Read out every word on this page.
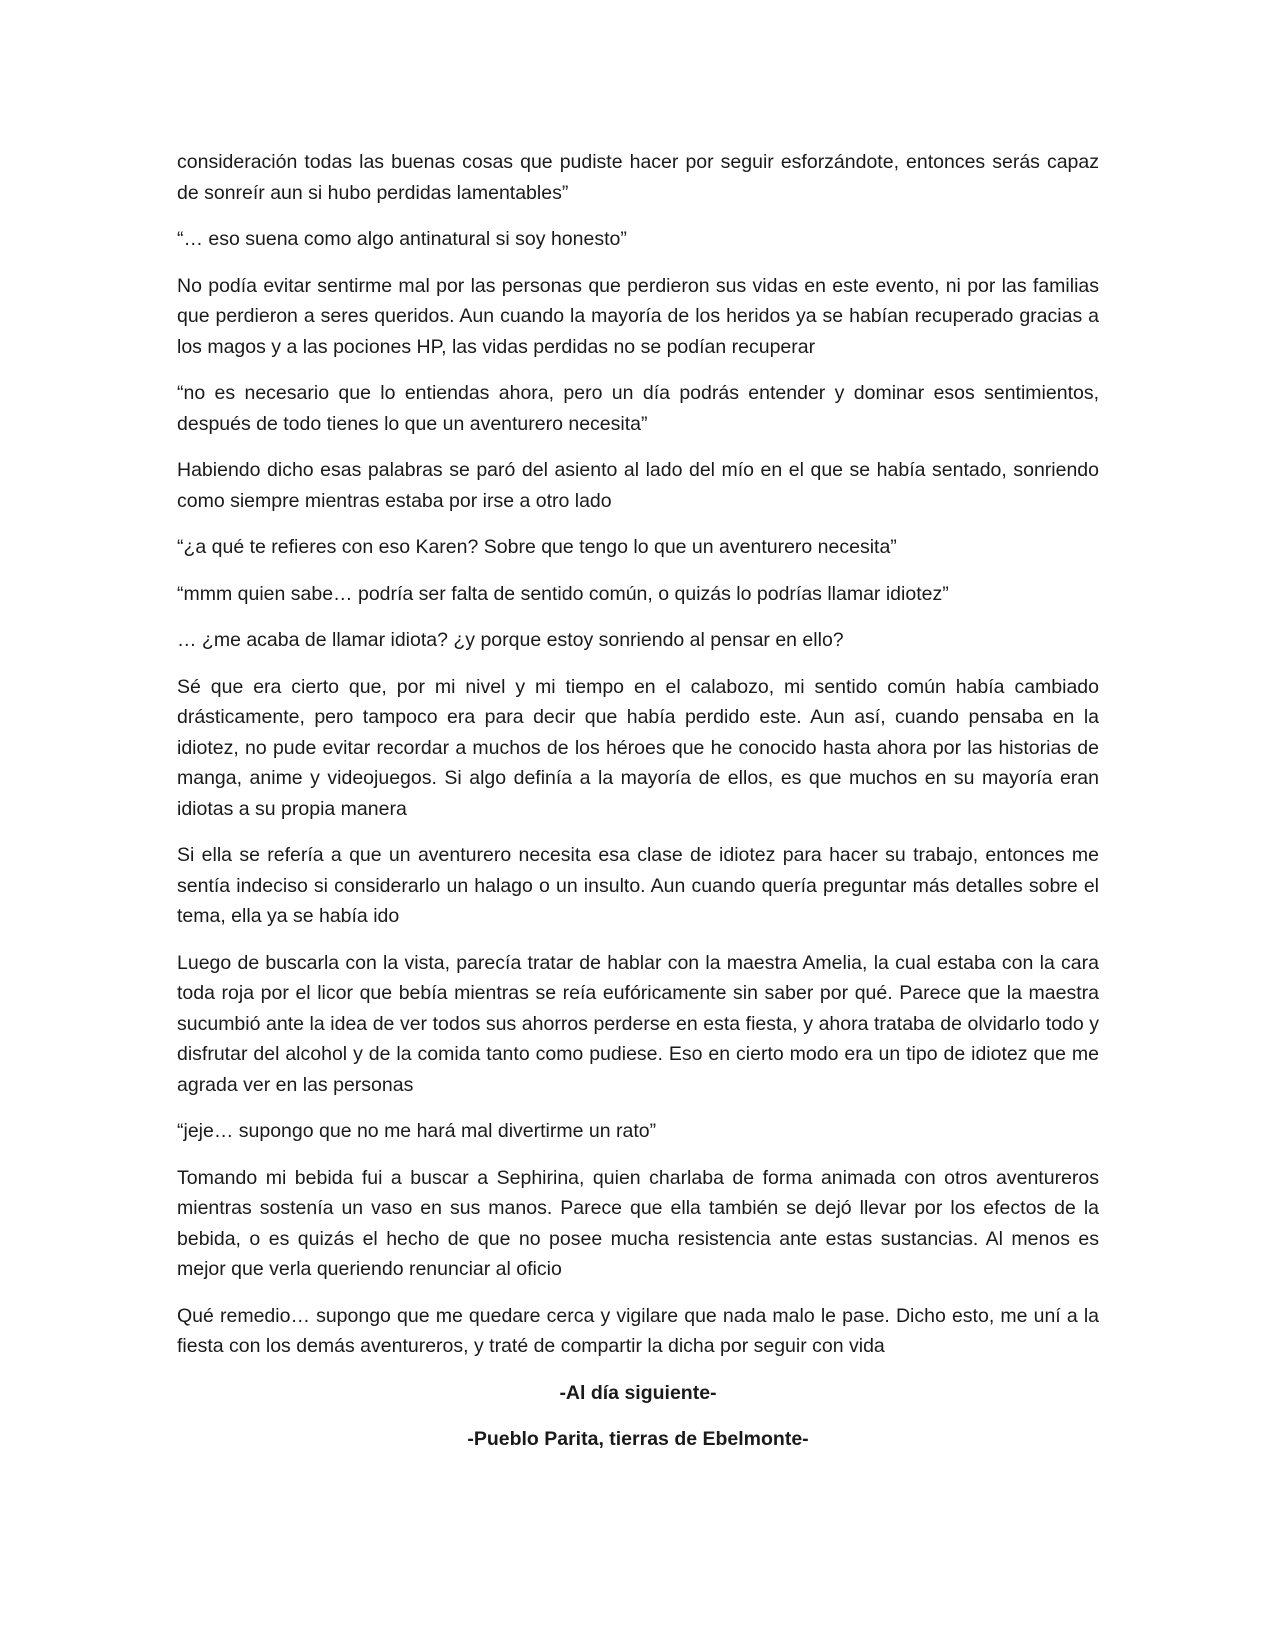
consideración todas las buenas cosas que pudiste hacer por seguir esforzándote, entonces serás capaz de sonreír aun si hubo perdidas lamentables”

“… eso suena como algo antinatural si soy honesto”

No podía evitar sentirme mal por las personas que perdieron sus vidas en este evento, ni por las familias que perdieron a seres queridos. Aun cuando la mayoría de los heridos ya se habían recuperado gracias a los magos y a las pociones HP, las vidas perdidas no se podían recuperar

“no es necesario que lo entiendas ahora, pero un día podrás entender y dominar esos sentimientos, después de todo tienes lo que un aventurero necesita”

Habiendo dicho esas palabras se paró del asiento al lado del mío en el que se había sentado, sonriendo como siempre mientras estaba por irse a otro lado

“¿a qué te refieres con eso Karen? Sobre que tengo lo que un aventurero necesita”

“mmm quien sabe… podría ser falta de sentido común, o quizás lo podrías llamar idiotez”

… ¿me acaba de llamar idiota? ¿y porque estoy sonriendo al pensar en ello?

Sé que era cierto que, por mi nivel y mi tiempo en el calabozo, mi sentido común había cambiado drásticamente, pero tampoco era para decir que había perdido este. Aun así, cuando pensaba en la idiotez, no pude evitar recordar a muchos de los héroes que he conocido hasta ahora por las historias de manga, anime y videojuegos. Si algo definía a la mayoría de ellos, es que muchos en su mayoría eran idiotas a su propia manera

Si ella se refería a que un aventurero necesita esa clase de idiotez para hacer su trabajo, entonces me sentía indeciso si considerarlo un halago o un insulto. Aun cuando quería preguntar más detalles sobre el tema, ella ya se había ido

Luego de buscarla con la vista, parecía tratar de hablar con la maestra Amelia, la cual estaba con la cara toda roja por el licor que bebía mientras se reía eufóricamente sin saber por qué. Parece que la maestra sucumbió ante la idea de ver todos sus ahorros perderse en esta fiesta, y ahora trataba de olvidarlo todo y disfrutar del alcohol y de la comida tanto como pudiese. Eso en cierto modo era un tipo de idiotez que me agrada ver en las personas

“jeje… supongo que no me hará mal divertirme un rato”

Tomando mi bebida fui a buscar a Sephirina, quien charlaba de forma animada con otros aventureros mientras sostenía un vaso en sus manos. Parece que ella también se dejó llevar por los efectos de la bebida, o es quizás el hecho de que no posee mucha resistencia ante estas sustancias. Al menos es mejor que verla queriendo renunciar al oficio

Qué remedio… supongo que me quedare cerca y vigilare que nada malo le pase. Dicho esto, me uní a la fiesta con los demás aventureros, y traté de compartir la dicha por seguir con vida

-Al día siguiente-

-Pueblo Parita, tierras de Ebelmonte-
